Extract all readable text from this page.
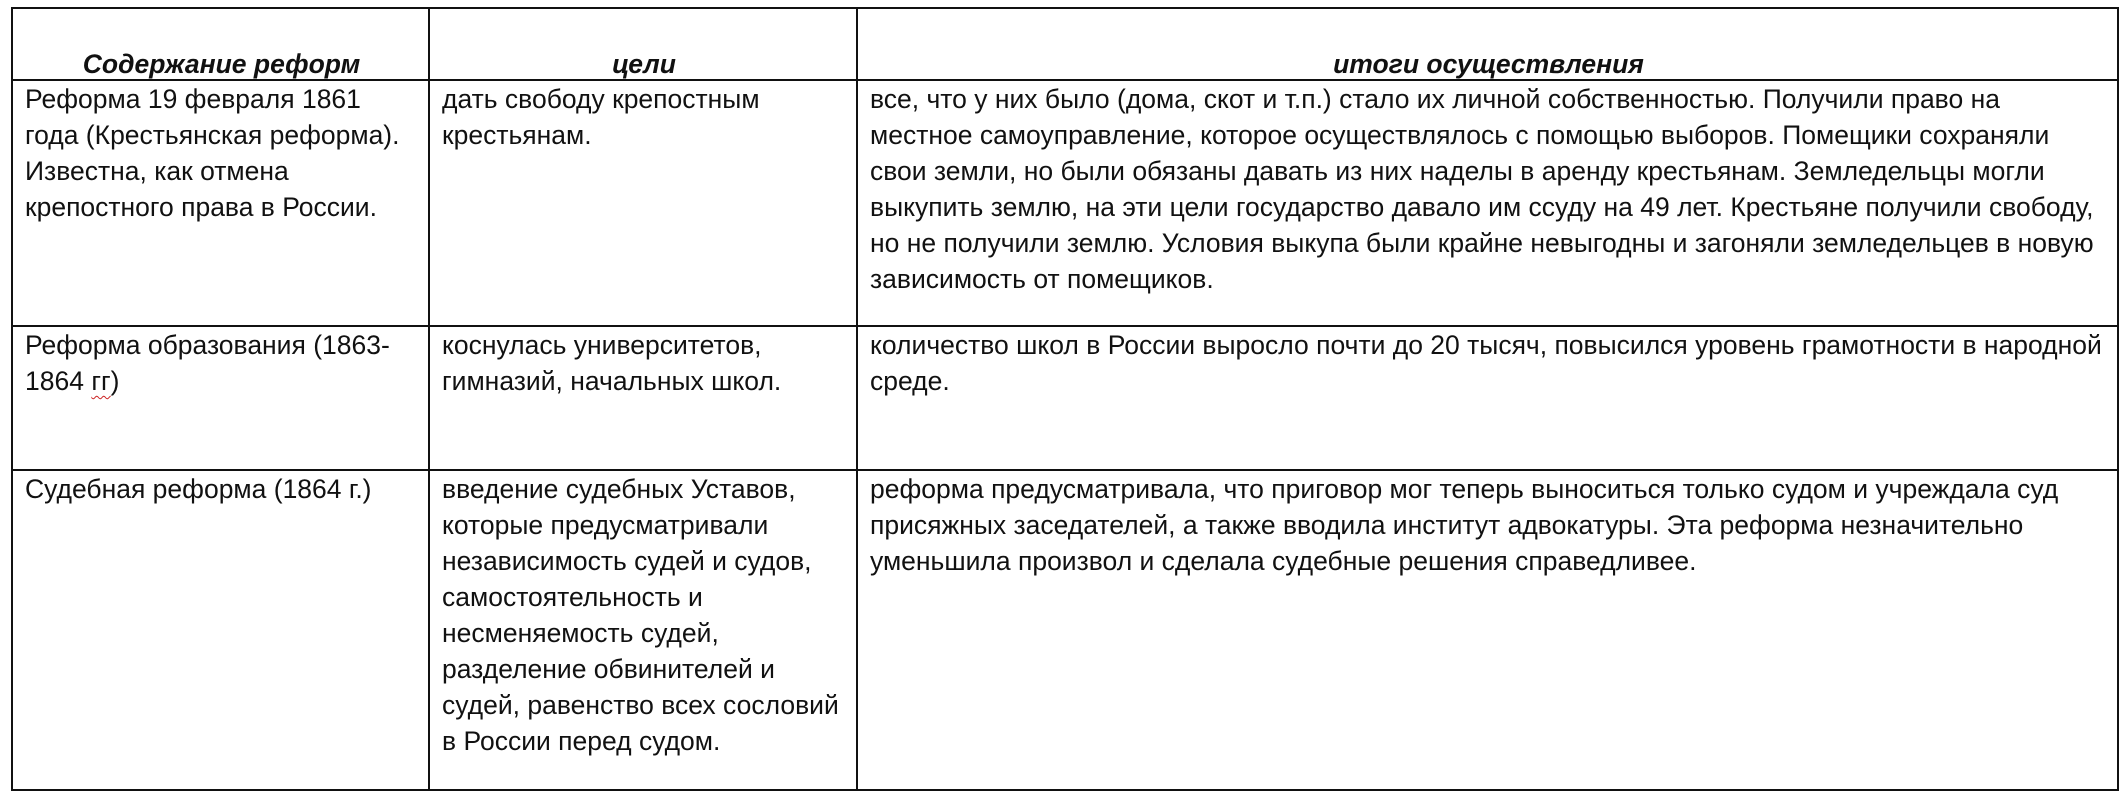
Содержание реформ	цели	итоги осуществления

Реформа 19 февраля 1861 года (Крестьянская реформа). Известна, как отмена крепостного права в России.	дать свободу крепостным крестьянам.	все, что у них было (дома, скот и т.п.) стало их личной собственностью. Получили право на местное самоуправление, которое осуществлялось с помощью выборов. Помещики сохраняли свои земли, но были обязаны давать из них наделы в аренду крестьянам. Земледельцы могли выкупить землю, на эти цели государство давало им ссуду на 49 лет. Крестьяне получили свободу, но не получили землю. Условия выкупа были крайне невыгодны и загоняли земледельцев в новую зависимость от помещиков.

Реформа образования (1863-1864 гг)	коснулась университетов, гимназий, начальных школ.	количество школ в России выросло почти до 20 тысяч, повысился уровень грамотности в народной среде.

Судебная реформа (1864 г.)	введение судебных Уставов, которые предусматривали независимость судей и судов, самостоятельность и несменяемость судей, разделение обвинителей и судей, равенство всех сословий в России перед судом.	реформа предусматривала, что приговор мог теперь выноситься только судом и учреждала суд присяжных заседателей, а также вводила институт адвокатуры. Эта реформа незначительно уменьшила произвол и сделала судебные решения справедливее.
